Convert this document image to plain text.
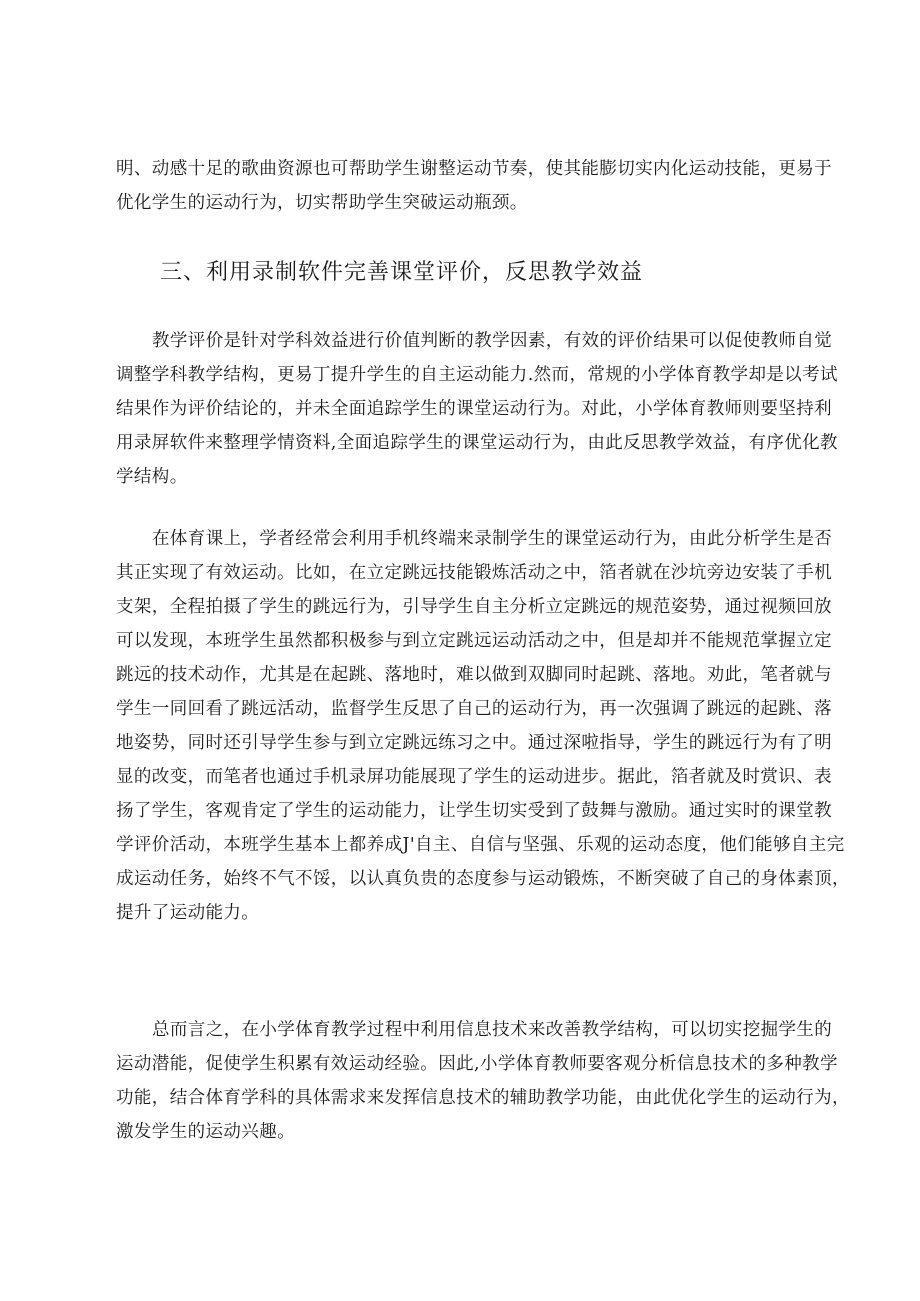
明、动感十足的歌曲资源也可帮助学生谢整运动节奏，使其能膨切实内化运动技能，更易于
优化学生的运动行为，切实帮助学生突破运动瓶颈。
三、利用录制软件完善课堂评价，反思教学效益
教学评价是针对学科效益进行价值判断的教学因素，有效的评价结果可以促使教师自觉
调整学科教学结构，更易丁提升学生的自主运动能力.然而，常规的小学体育教学却是以考试
结果作为评价结论的，并未全面追踪学生的课堂运动行为。对此，小学体育教师则要坚持利
用录屏软件来整理学情资料,全面追踪学生的课堂运动行为，由此反思教学效益，有序优化教
学结构。
在体育课上，学者经常会利用手机终端来录制学生的课堂运动行为，由此分析学生是否
其正实现了有效运动。比如，在立定跳远技能锻炼活动之中，箔者就在沙坑旁边安装了手机
支架，全程拍摄了学生的跳远行为，引导学生自主分析立定跳远的规范姿势，通过视频回放
可以发现，本班学生虽然都积极参与到立定跳远运动活动之中，但是却并不能规范掌握立定
跳远的技术动作，尤其是在起跳、落地时，难以做到双脚同时起跳、落地。劝此，笔者就与
学生一同回看了跳远活动，监督学生反思了自己的运动行为，再一次强调了跳远的起跳、落
地姿势，同时还引导学生参与到立定跳远练习之中。通过深啦指导，学生的跳远行为有了明
显的改变，而笔者也通过手机录屏功能展现了学生的运动进步。据此，箔者就及时赏识、表
扬了学生，客观肯定了学生的运动能力，让学生切实受到了鼓舞与激励。通过实时的课堂教
学评价活动，本班学生基本上都养成J'自主、自信与坚强、乐观的运动态度，他们能够自主完
成运动任务，始终不气不馁，以认真负贵的态度参与运动锻炼，不断突破了自己的身体素顶，
提升了运动能力。
总而言之，在小学体育教学过程中利用信息技术来改善教学结构，可以切实挖掘学生的
运动潜能，促使学生积累有效运动经验。因此,小学体育教师要客观分析信息技术的多种教学
功能，结合体育学科的具体需求来发挥信息技术的辅助教学功能，由此优化学生的运动行为，
激发学生的运动兴趣。
